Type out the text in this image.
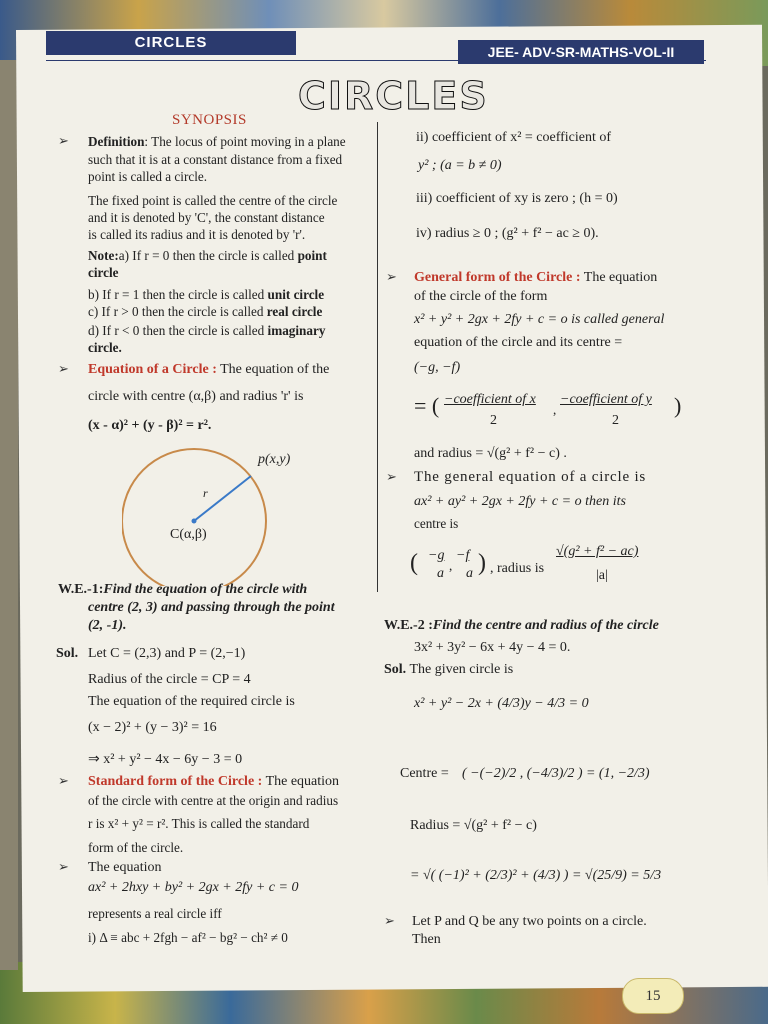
CIRCLES
JEE- ADV-SR-MATHS-VOL-II
CIRCLES
SYNOPSIS
➢ Definition: The locus of point moving in a plane
such that it is at a constant distance from a fixed
point is called a circle.
The fixed point is called the centre of the circle
and it is denoted by 'C', the constant distance
is called its radius and it is denoted by 'r'.
Note:a) If r = 0 then the circle is called point
circle
b) If r = 1 then the circle is called unit circle
c) If r > 0 then the circle is called real circle
d) If r < 0 then the circle is called imaginary
circle.
➢ Equation of a Circle : The equation of the
circle with centre (α,β) and radius 'r' is
(x - α)² + (y - β)² = r².
p(x,y)
r
C(α,β)
W.E.-1:Find the equation of the circle with
centre (2, 3) and passing through the point
(2, -1).
Sol. Let C = (2,3) and P = (2,−1)
Radius of the circle = CP = 4
The equation of the required circle is
(x − 2)² + (y − 3)² = 16
⇒ x² + y² − 4x − 6y − 3 = 0
➢ Standard form of the Circle : The equation
of the circle with centre at the origin and radius
r is x² + y² = r². This is called the standard
form of the circle.
➢ The equation
ax² + 2hxy + by² + 2gx + 2fy + c = 0
represents a real circle iff
i) Δ ≡ abc + 2fgh − af² − bg² − ch² ≠ 0
ii) coefficient of x² = coefficient of
y² ; (a = b ≠ 0)
iii) coefficient of xy is zero ; (h = 0)
iv) radius ≥ 0 ; (g² + f² − ac ≥ 0).
➢ General form of the Circle : The equation
of the circle of the form
x² + y² + 2gx + 2fy + c = o is called general
equation of the circle and its centre =
(−g, −f)
= ( −coefficient of x
2
,
−coefficient of y
2
)
and radius = √(g² + f² − c) .
➢ The general equation of a circle is
ax² + ay² + 2gx + 2fy + c = o then its
centre is
( −g
a
,
−f
a ) , radius is
√(g² + f² − ac)
|a|
W.E.-2 :Find the centre and radius of the circle
3x² + 3y² − 6x + 4y − 4 = 0.
Sol. The given circle is
x² + y² − 2x + (4/3)y − 4/3 = 0
Centre = ( −(−2)/2 , (−4/3)/2 ) = (1, −2/3)
Radius = √(g² + f² − c)
= √( (−1)² + (2/3)² + (4/3) ) = √(25/9) = 5/3
➢ Let P and Q be any two points on a circle.
Then
15
